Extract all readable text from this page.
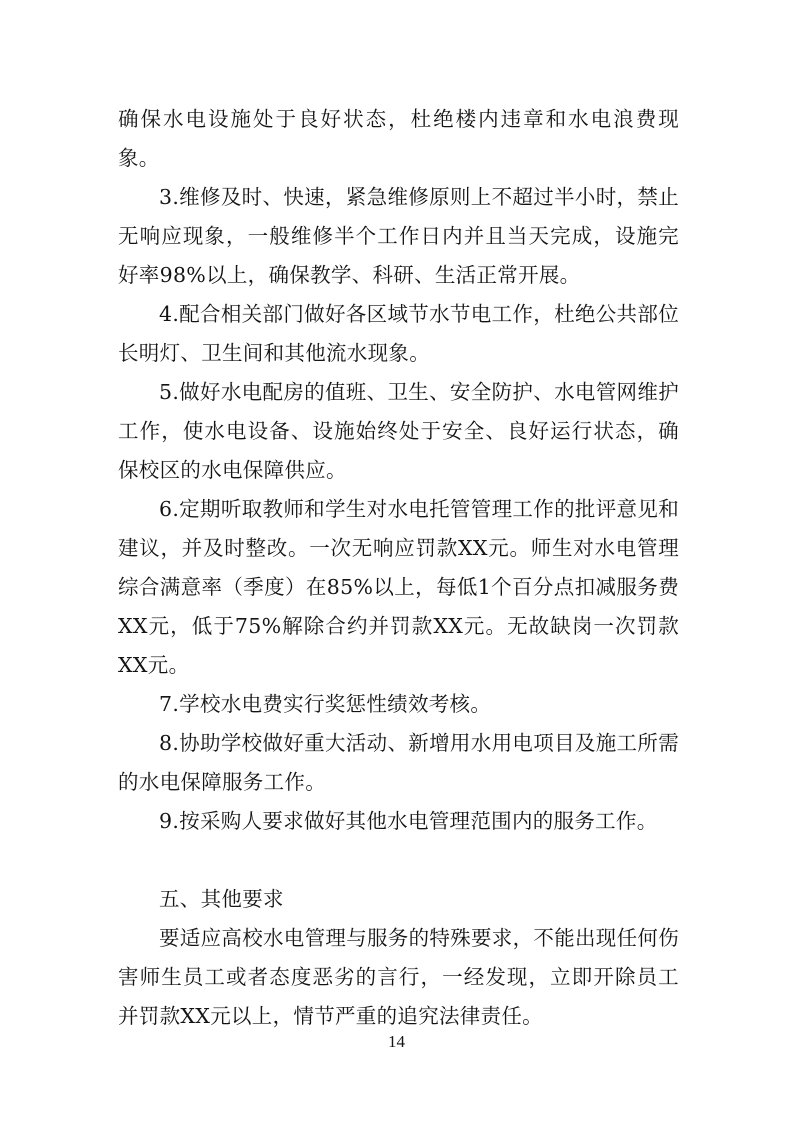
确保水电设施处于良好状态，杜绝楼内违章和水电浪费现象。

3.维修及时、快速，紧急维修原则上不超过半小时，禁止无响应现象，一般维修半个工作日内并且当天完成，设施完好率98%以上，确保教学、科研、生活正常开展。

4.配合相关部门做好各区域节水节电工作，杜绝公共部位长明灯、卫生间和其他流水现象。

5.做好水电配房的值班、卫生、安全防护、水电管网维护工作，使水电设备、设施始终处于安全、良好运行状态，确保校区的水电保障供应。

6.定期听取教师和学生对水电托管管理工作的批评意见和建议，并及时整改。一次无响应罚款XX元。师生对水电管理综合满意率（季度）在85%以上，每低1个百分点扣减服务费XX元，低于75%解除合约并罚款XX元。无故缺岗一次罚款XX元。

7.学校水电费实行奖惩性绩效考核。

8.协助学校做好重大活动、新增用水用电项目及施工所需的水电保障服务工作。

9.按采购人要求做好其他水电管理范围内的服务工作。

五、其他要求

要适应高校水电管理与服务的特殊要求，不能出现任何伤害师生员工或者态度恶劣的言行，一经发现，立即开除员工并罚款XX元以上，情节严重的追究法律责任。

14
